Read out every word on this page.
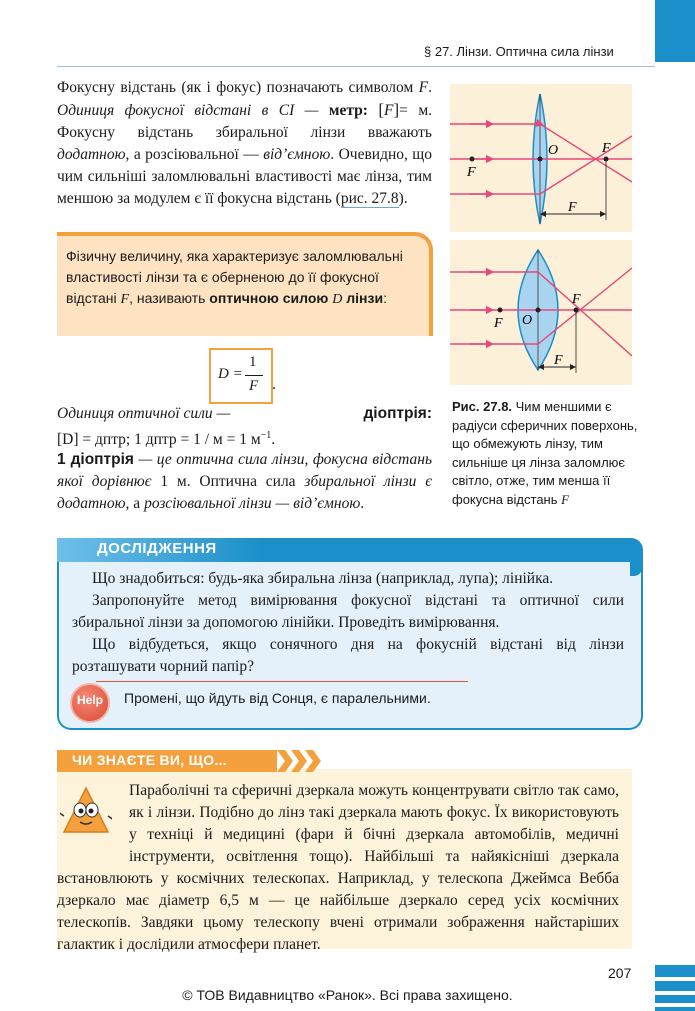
§ 27. Лінзи. Оптична сила лінзи
Фокусну відстань (як і фокус) позначають символом F. Одиниця фокусної відстані в СІ — метр: [F]= м. Фокусну відстань збиральної лінзи вважають додатною, а розсіювальної — від’ємною. Очевидно, що чим сильніші заломлювальні властивості має лінза, тим меншою за модулем є її фокусна відстань (рис. 27.8).
Фізичну величину, яка характеризує заломлювальні властивості лінзи та є оберненою до її фокусної відстані F, називають оптичною силою D лінзи:
D =
1
F .
Одиниця оптичної сили —	діоптрія:
[D] = дптр; 1 дптр = 1 / м = 1 $м^{-1}$.
1 діоптрія — це оптична сила лінзи, фокусна відстань якої дорівнює 1 м. Оптична сила збиральної лінзи є додатною, а розсіювальної лінзи — від’ємною.
F
O	F
F
F O
F
F
Рис. 27.8. Чим меншими є радіуси сферичних поверхонь, що обмежують лінзу, тим сильніше ця лінза заломлює світло, отже, тим менша її фокусна відстань F
ДОСЛІДЖЕННЯ

Що знадобиться: будь-яка збиральна лінза (наприклад, лупа); лінійка.

Запропонуйте метод вимірювання фокусної відстані та оптичної сили збиральної лінзи за допомогою лінійки. Проведіть вимірювання.

Що відбудеться, якщо сонячного дня на фокусній відстані від лінзи розташувати чорний папір?

Help	Промені, що йдуть від Сонця, є паралельними.
ЧИ ЗНАЄТЕ ВИ, ЩО...
Параболічні та сферичні дзеркала можуть концентрувати світло так само, як і лінзи. Подібно до лінз такі дзеркала мають фокус. Їх використовують у техніці й медицині (фари й бічні дзеркала автомобілів, медичні інструменти, освітлення тощо). Найбільші та найякісніші дзеркала встановлюють у космічних телескопах. Наприклад, у телескопа Джеймса Вебба дзеркало має діаметр 6,5 м — це найбільше дзеркало серед усіх космічних телескопів. Завдяки цьому телескопу вчені отримали зображення найстаріших галактик і дослідили атмосфери планет.
207
© ТОВ Видавництво «Ранок». Всі права захищено.
